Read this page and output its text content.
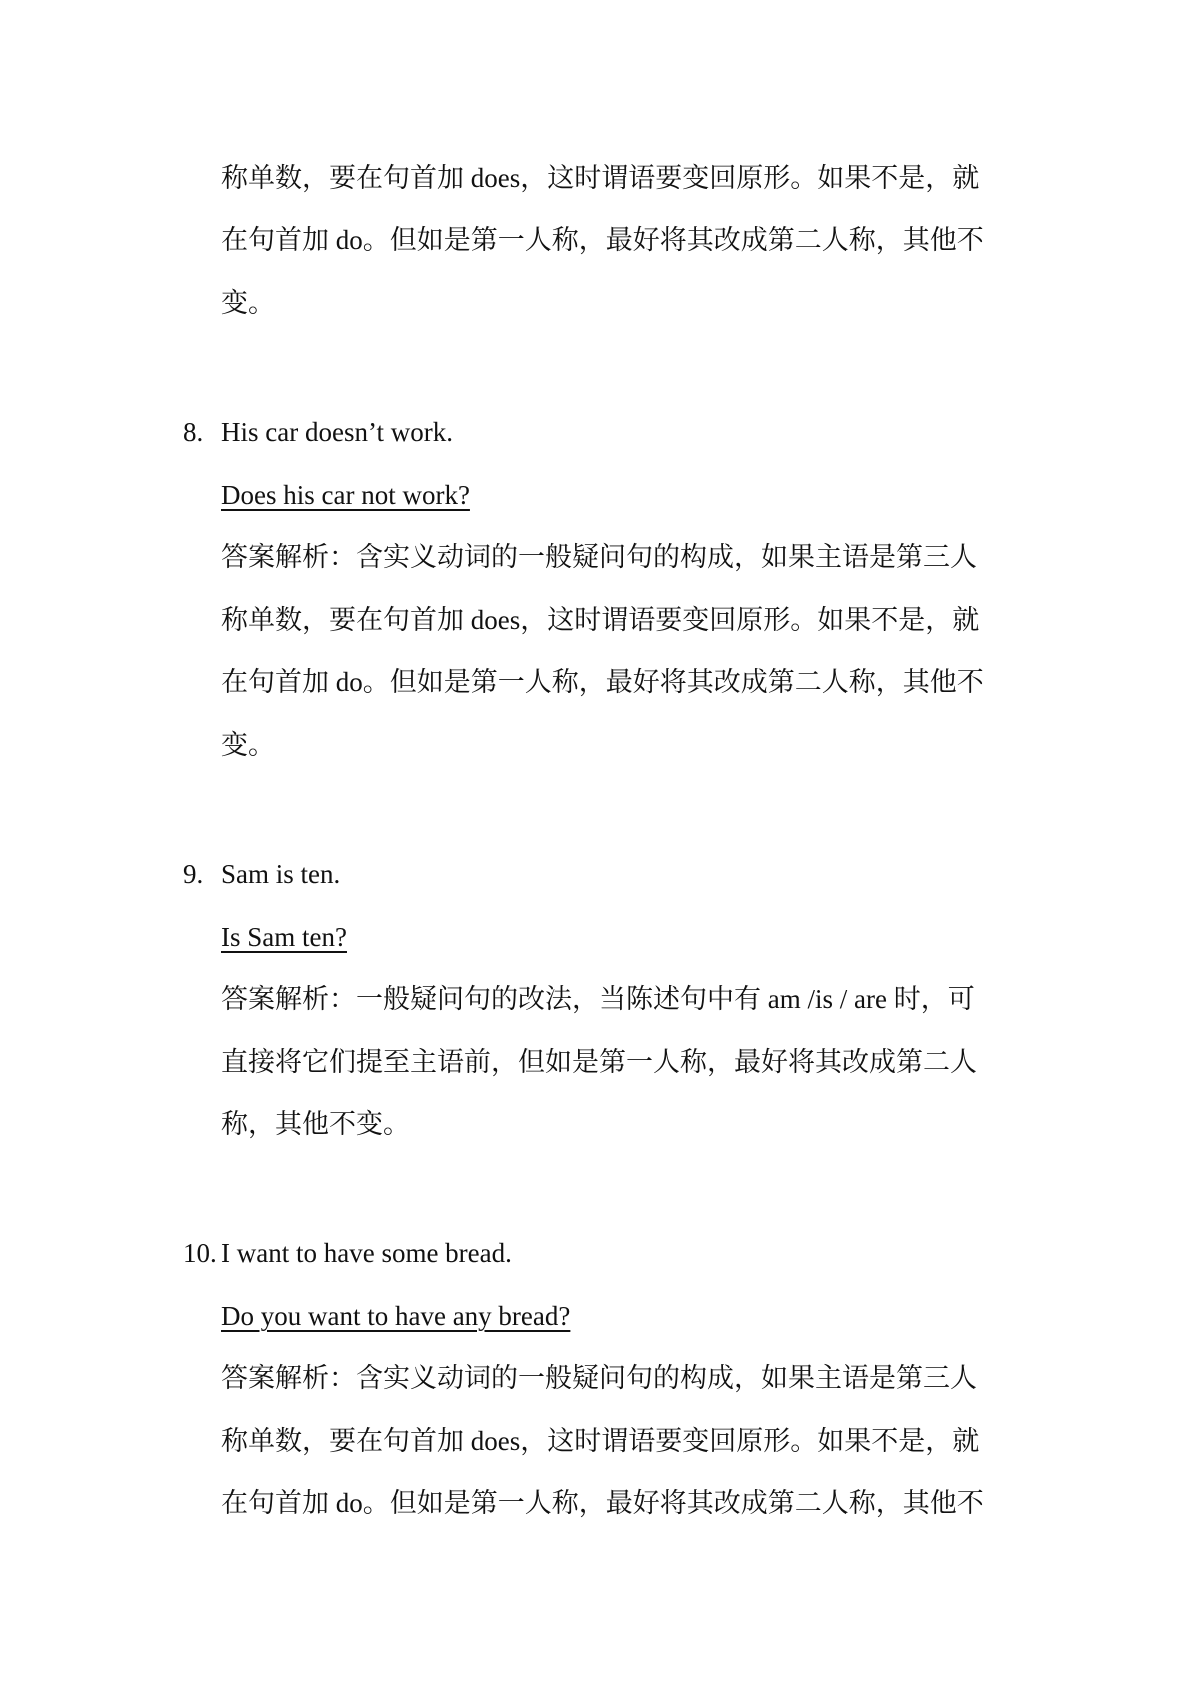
称单数，要在句首加 does，这时谓语要变回原形。如果不是，就
在句首加 do。但如是第一人称，最好将其改成第二人称，其他不
变。
8. His car doesn’t work.
Does his car not work?
答案解析：含实义动词的一般疑问句的构成，如果主语是第三人
称单数，要在句首加 does，这时谓语要变回原形。如果不是，就
在句首加 do。但如是第一人称，最好将其改成第二人称，其他不
变。
9. Sam is ten.
Is Sam ten?
答案解析：一般疑问句的改法，当陈述句中有 am /is / are 时，可
直接将它们提至主语前，但如是第一人称，最好将其改成第二人
称，其他不变。
10. I want to have some bread.
Do you want to have any bread?
答案解析：含实义动词的一般疑问句的构成，如果主语是第三人
称单数，要在句首加 does，这时谓语要变回原形。如果不是，就
在句首加 do。但如是第一人称，最好将其改成第二人称，其他不
